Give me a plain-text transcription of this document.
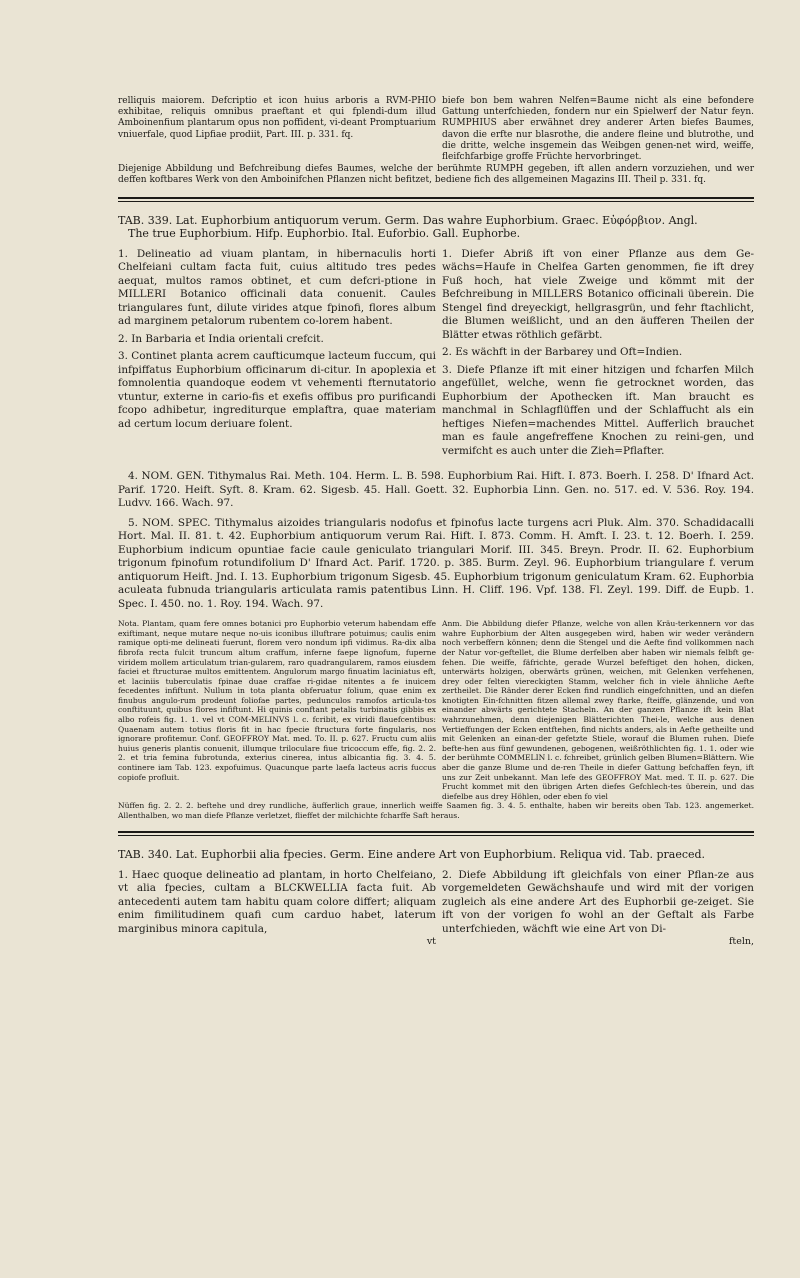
relliquis maiorem. Defcriptio et icon huius arboris a RVM-PHIO exhibitae, reliquis omnibus praeftant et qui fplendi-dum illud Amboinenfium plantarum opus non poffident, vi-deant Promptuarium vniuerfale, quod Lipfiae prodiit, Part. III. p. 331. fq.

biefe bon bem wahren Nelfen=Baume nicht als eine befondere Gattung unterfchieden, fondern nur ein Spielwerf der Natur feyn. RUMPHIUS aber erwähnet drey anderer Arten biefes Baumes, davon die erfte nur blasrothe, die andere fleine und blutrothe, und die dritte, welche insgemein das Weibgen genen-net wird, weiffe, fleifchfarbige groffe Früchte hervorbringet.

Diejenige Abbildung und Befchreibung diefes Baumes, welche der berühmte RUMPH gegeben, ift allen andern vorzuziehen, und wer deffen koftbares Werk von den Amboinifchen Pflanzen nicht befitzet, bediene fich des allgemeinen Magazins III. Theil p. 331. fq.

TAB. 339. Lat. Euphorbium antiquorum verum. Germ. Das wahre Euphorbium. Graec. Εὐφόρβιον. Angl.

The true Euphorbium. Hifp. Euphorbio. Ital. Euforbio. Gall. Euphorbe.

1. Delineatio ad viuam plantam, in hibernaculis horti Chelfeiani cultam facta fuit, cuius altitudo tres pedes aequat, multos ramos obtinet, et cum defcri-ptione in MILLERI Botanico officinali data conuenit. Caules triangulares funt, dilute virides atque fpinofi, flores album ad marginem petalorum rubentem co-lorem habent.

2. In Barbaria et India orientali crefcit.

3. Continet planta acrem caufticumque lacteum fuccum, qui infpiffatus Euphorbium officinarum di-citur. In apoplexia et fomnolentia quandoque eodem vt vehementi fternutatorio vtuntur, externe in cario-fis et exefis offibus pro purificandi fcopo adhibetur, ingrediturque emplaftra, quae materiam ad certum locum deriuare folent.

1. Diefer Abriß ift von einer Pflanze aus dem Ge-wächs=Haufe in Chelfea Garten genommen, fie ift drey Fuß hoch, hat viele Zweige und kömmt mit der Befchreibung in MILLERS Botanico officinali überein. Die Stengel find dreyeckigt, hellgrasgrün, und fehr ftachlicht, die Blumen weißlicht, und an den äufferen Theilen der Blätter etwas röthlich gefärbt.

2. Es wächft in der Barbarey und Oft=Indien.

3. Diefe Pflanze ift mit einer hitzigen und fcharfen Milch angefüllet, welche, wenn fie getrocknet worden, das Euphorbium der Apothecken ift. Man braucht es manchmal in Schlagflüffen und der Schlaffucht als ein heftiges Niefen=machendes Mittel. Aufferlich brauchet man es faule angefreffene Knochen zu reini-gen, und vermifcht es auch unter die Zieh=Pflafter.

4. NOM. GEN. Tithymalus Rai. Meth. 104. Herm. L. B. 598. Euphorbium Rai. Hift. I. 873. Boerh. I. 258. D' Ifnard Act. Parif. 1720. Heift. Syft. 8. Kram. 62. Sigesb. 45. Hall. Goett. 32. Euphorbia Linn. Gen. no. 517. ed. V. 536. Roy. 194. Ludvv. 166. Wach. 97.

5. NOM. SPEC. Tithymalus aizoides triangularis nodofus et fpinofus lacte turgens acri Pluk. Alm. 370. Schadidacalli Hort. Mal. II. 81. t. 42. Euphorbium antiquorum verum Rai. Hift. I. 873. Comm. H. Amft. I. 23. t. 12. Boerh. I. 259. Euphorbium indicum opuntiae facie caule geniculato triangulari Morif. III. 345. Breyn. Prodr. II. 62. Euphorbium trigonum fpinofum rotundifolium D' Ifnard Act. Parif. 1720. p. 385. Burm. Zeyl. 96. Euphorbium triangulare f. verum antiquorum Heift. Jnd. I. 13. Euphorbium trigonum Sigesb. 45. Euphorbium trigonum geniculatum Kram. 62. Euphorbia aculeata fubnuda triangularis articulata ramis patentibus Linn. H. Cliff. 196. Vpf. 138. Fl. Zeyl. 199. Diff. de Eupb. 1. Spec. I. 450. no. 1. Roy. 194. Wach. 97.

Nota. Plantam, quam fere omnes botanici pro Euphorbio veterum habendam effe exiftimant, neque mutare neque no-uis iconibus illuftrare potuimus; caulis enim ramique opti-me delineati fuerunt, florem vero nondum ipfi vidimus. Ra-dix alba fibrofa recta fulcit truncum altum craffum, inferne faepe lignofum, fuperne viridem mollem articulatum trian-gularem, raro quadrangularem, ramos eiusdem faciei et ftructurae multos emittentem. Angulorum margo finuatim laciniatus eft, et laciniis tuberculatis fpinae duae craffae ri-gidae nitentes a fe inuicem fecedentes infiftunt. Nullum in tota planta obferuatur folium, quae enim ex finubus angulo-rum prodeunt foliofae partes, pedunculos ramofos articula-tos conftituunt, quibus flores infiftunt. Hi quinis conftant petalis turbinatis gibbis ex albo rofeis fig. 1. 1. vel vt COM-MELINVS l. c. fcribit, ex viridi flauefcentibus: Quaenam autem totius floris fit in hac fpecie ftructura forte fingularis, nos ignorare profitemur. Conf. GEOFFROY Mat. med. To. II. p. 627. Fructu cum aliis huius generis plantis conuenit, illumque triloculare fiue tricoccum effe, fig. 2. 2. 2. et tria femina fubrotunda, exterius cinerea, intus albicantia fig. 3. 4. 5. continere iam Tab. 123. expofuimus. Quacunque parte laefa lacteus acris fuccus copiofe profluit.

Anm. Die Abbildung diefer Pflanze, welche von allen Kräu-terkennern vor das wahre Euphorbium der Alten ausgegeben wird, haben wir weder verändern noch verbeffern können; denn die Stengel und die Aefte find vollkommen nach der Natur vor-geftellet, die Blume derfelben aber haben wir niemals felbft ge-fehen. Die weiffe, fäfrichte, gerade Wurzel befeftiget den hohen, dicken, unterwärts holzigen, oberwärts grünen, weichen, mit Gelenken verfehenen, drey oder felten viereckigten Stamm, welcher fich in viele ähnliche Aefte zertheilet. Die Ränder derer Ecken find rundlich eingefchnitten, und an diefen knotigten Ein-fchnitten fitzen allemal zwey ftarke, fteiffe, glänzende, und von einander abwärts gerichtete Stacheln. An der ganzen Pflanze ift kein Blat wahrzunehmen, denn diejenigen Blätterichten Thei-le, welche aus denen Vertieffungen der Ecken entftehen, find nichts anders, als in Aefte getheilte und mit Gelenken an einan-der gefetzte Stiele, worauf die Blumen ruhen. Diefe befte-hen aus fünf gewundenen, gebogenen, weißröthlichten fig. 1. 1. oder wie der berühmte COMMELIN l. c. fchreibet, grünlich gelben Blumen=Blättern. Wie aber die ganze Blume und de-ren Theile in diefer Gattung befchaffen feyn, ift uns zur Zeit unbekannt. Man lefe des GEOFFROY Mat. med. T. II. p. 627. Die Frucht kommet mit den übrigen Arten diefes Gefchlech-tes überein, und das diefelbe aus drey Höhlen, oder eben fo viel

Nüffen fig. 2. 2. 2. beftehe und drey rundliche, äufferlich graue, innerlich weiffe Saamen fig. 3. 4. 5. enthalte, haben wir bereits oben Tab. 123. angemerket. Allenthalben, wo man diefe Pflanze verletzet, flieffet der milchichte fcharffe Saft heraus.

TAB. 340. Lat. Euphorbii alia fpecies. Germ. Eine andere Art von Euphorbium. Reliqua vid. Tab. praeced.

1. Haec quoque delineatio ad plantam, in horto Chelfeiano, vt alia fpecies, cultam a BLCKWELLIA facta fuit. Ab antecedenti autem tam habitu quam colore differt; aliquam enim fimilitudinem quafi cum carduo habet, laterum marginibus minora capitula,

2. Diefe Abbildung ift gleichfals von einer Pflan-ze aus vorgemeldeten Gewächshaufe und wird mit der vorigen zugleich als eine andere Art des Euphorbii ge-zeiget. Sie ift von der vorigen fo wohl an der Geftalt als Farbe unterfchieden, wächft wie eine Art von Di-

vt	fteln,
